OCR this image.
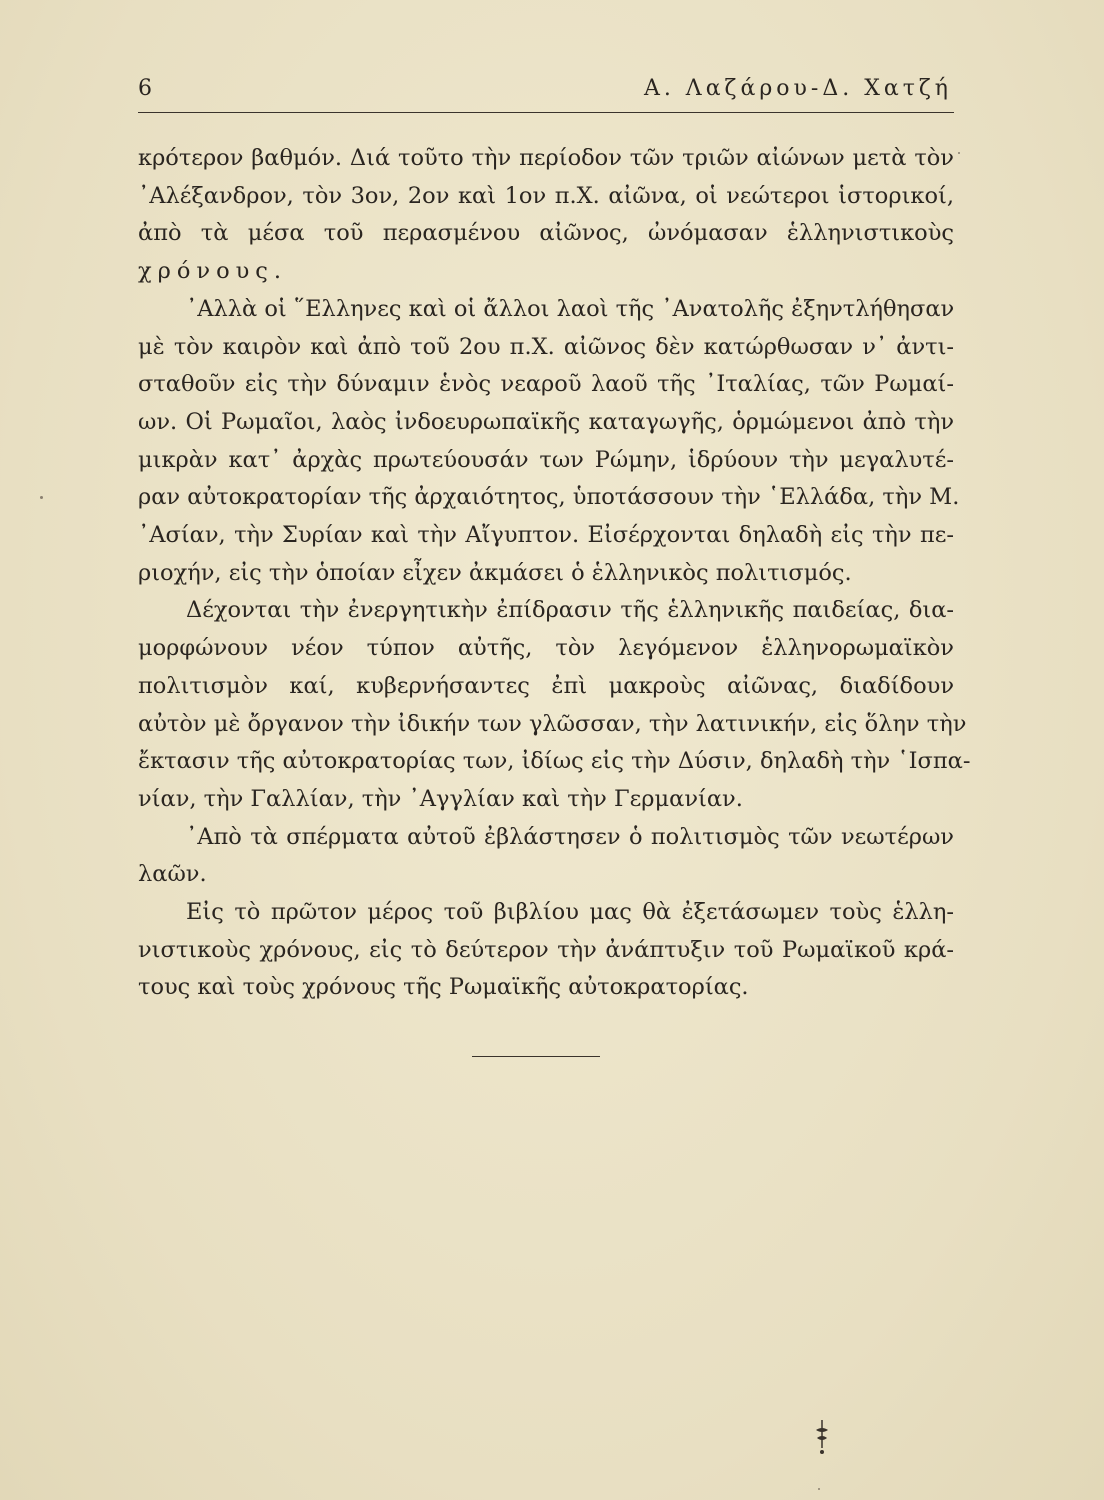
6	Α. Λαζάρου-Δ. Χατζή
κρότερον βαθμόν. Διά τοῦτο τὴν περίοδον τῶν τριῶν αἰώνων μετὰ τὸν
᾿Αλέξανδρον, τὸν 3ον, 2ον καὶ 1ον π.Χ. αἰῶνα, οἱ νεώτεροι ἱστορικοί,
ἀπὸ τὰ μέσα τοῦ περασμένου αἰῶνος, ὠνόμασαν ἑλληνιστικοὺς
χρόνους.
᾿Αλλὰ οἱ ῞Ελληνες καὶ οἱ ἄλλοι λαοὶ τῆς ᾿Ανατολῆς ἐξηντλήθησαν
μὲ τὸν καιρὸν καὶ ἀπὸ τοῦ 2ου π.Χ. αἰῶνος δὲν κατώρθωσαν ν᾿ ἀντι-
σταθοῦν εἰς τὴν δύναμιν ἑνὸς νεαροῦ λαοῦ τῆς ᾿Ιταλίας, τῶν Ρωμαί-
ων. Οἱ Ρωμαῖοι, λαὸς ἰνδοευρωπαϊκῆς καταγωγῆς, ὁρμώμενοι ἀπὸ τὴν
μικρὰν κατ᾿ ἀρχὰς πρωτεύουσάν των Ρώμην, ἱδρύουν τὴν μεγαλυτέ-
ραν αὐτοκρατορίαν τῆς ἀρχαιότητος, ὑποτάσσουν τὴν ῾Ελλάδα, τὴν Μ.
᾿Ασίαν, τὴν Συρίαν καὶ τὴν Αἴγυπτον. Εἰσέρχονται δηλαδὴ εἰς τὴν πε-
ριοχήν, εἰς τὴν ὁποίαν εἶχεν ἀκμάσει ὁ ἑλληνικὸς πολιτισμός.
Δέχονται τὴν ἐνεργητικὴν ἐπίδρασιν τῆς ἑλληνικῆς παιδείας, δια-
μορφώνουν νέον τύπον αὐτῆς, τὸν λεγόμενον ἑλληνορωμαϊκὸν
πολιτισμὸν καί, κυβερνήσαντες ἐπὶ μακροὺς αἰῶνας, διαδίδουν
αὐτὸν μὲ ὄργανον τὴν ἰδικήν των γλῶσσαν, τὴν λατινικήν, εἰς ὅλην τὴν
ἔκτασιν τῆς αὐτοκρατορίας των, ἰδίως εἰς τὴν Δύσιν, δηλαδὴ τὴν ῾Ισπα-
νίαν, τὴν Γαλλίαν, τὴν ᾿Αγγλίαν καὶ τὴν Γερμανίαν.
᾿Απὸ τὰ σπέρματα αὐτοῦ ἐβλάστησεν ὁ πολιτισμὸς τῶν νεωτέρων
λαῶν.
Εἰς τὸ πρῶτον μέρος τοῦ βιβλίου μας θὰ ἐξετάσωμεν τοὺς ἑλλη-
νιστικοὺς χρόνους, εἰς τὸ δεύτερον τὴν ἀνάπτυξιν τοῦ Ρωμαϊκοῦ κρά-
τους καὶ τοὺς χρόνους τῆς Ρωμαϊκῆς αὐτοκρατορίας.
